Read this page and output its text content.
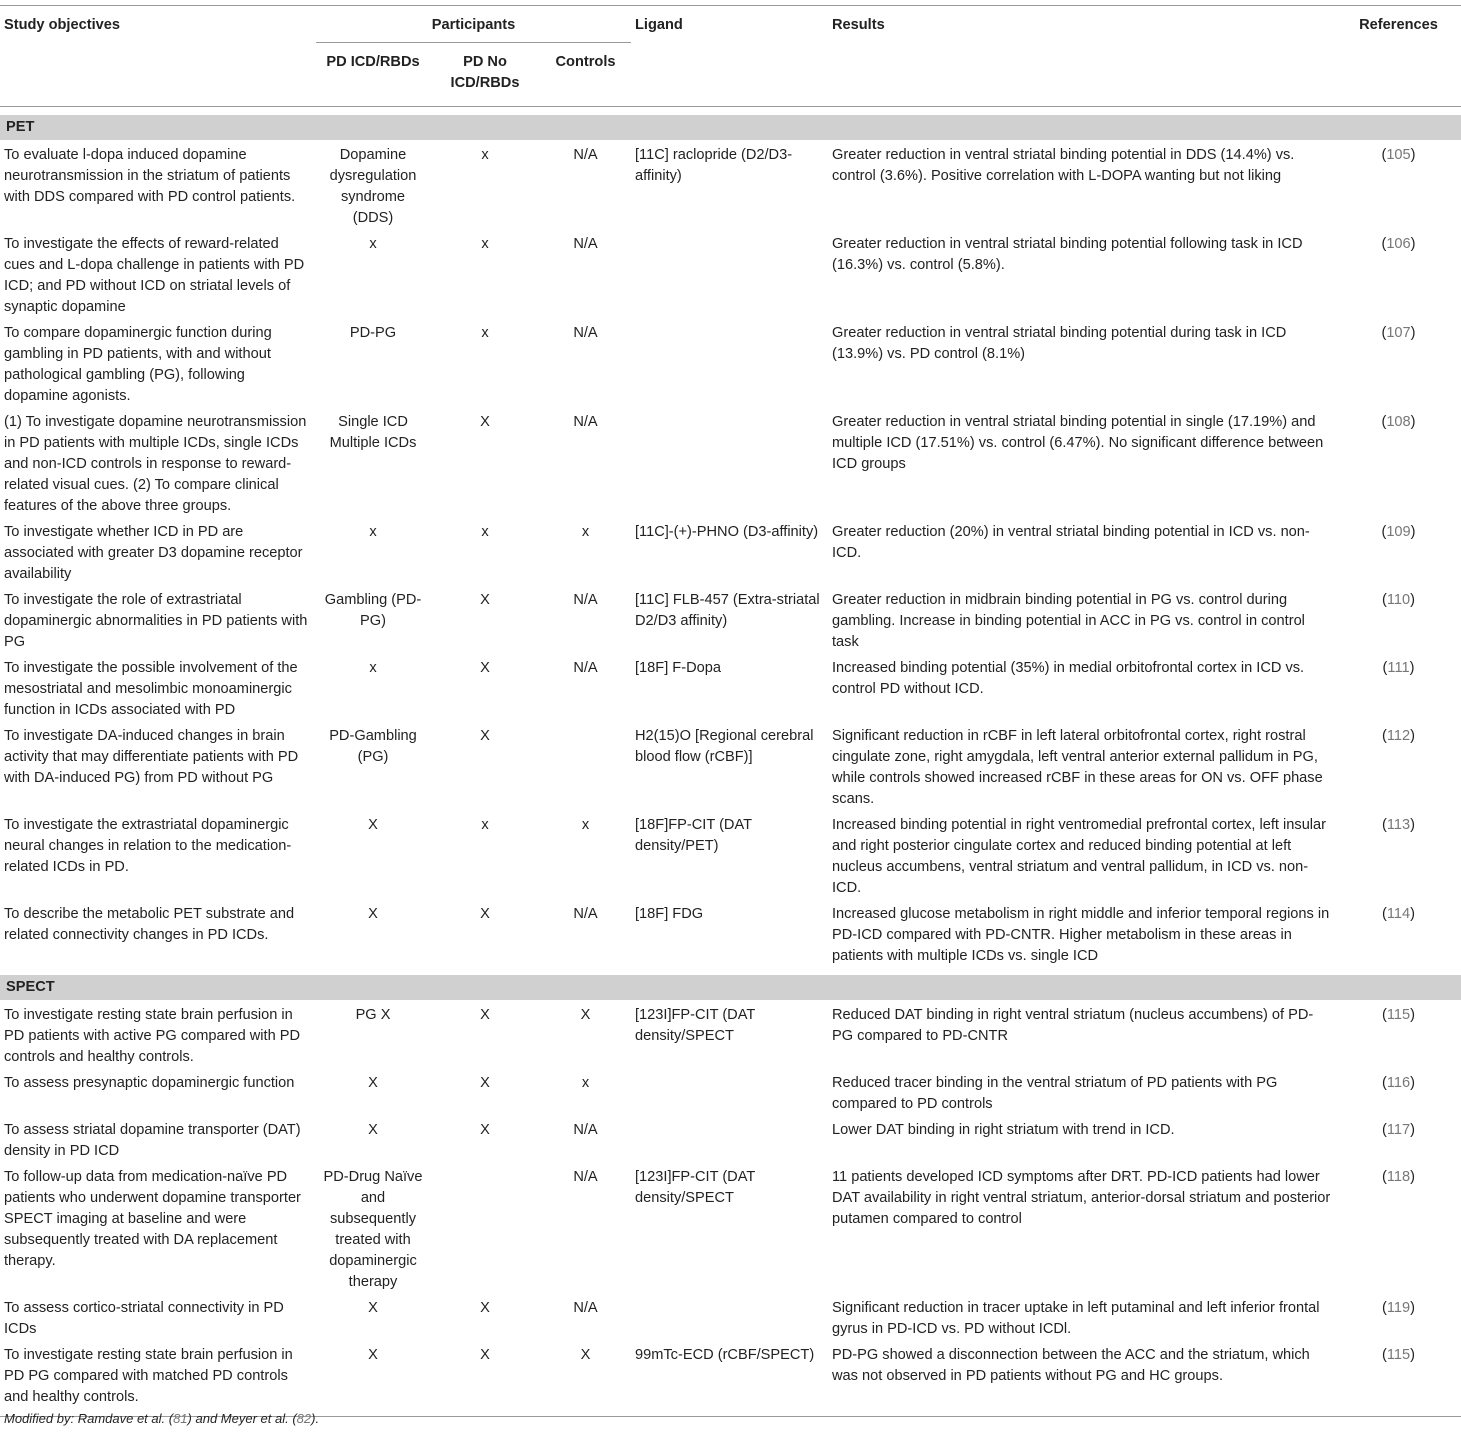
Study objectives	Participants			Ligand	Results	References
	PD ICD/RBDs	PD No ICD/RBDs	Controls			

PET						
To evaluate l-dopa induced dopamine neurotransmission in the striatum of patients with DDS compared with PD control patients.	Dopamine dysregulation syndrome (DDS)	x	N/A	[11C] raclopride (D2/D3-affinity)	Greater reduction in ventral striatal binding potential in DDS (14.4%) vs. control (3.6%). Positive correlation with L-DOPA wanting but not liking	(105)
To investigate the effects of reward-related cues and L-dopa challenge in patients with PD ICD; and PD without ICD on striatal levels of synaptic dopamine	x	x	N/A		Greater reduction in ventral striatal binding potential following task in ICD (16.3%) vs. control (5.8%).	(106)
To compare dopaminergic function during gambling in PD patients, with and without pathological gambling (PG), following dopamine agonists.	PD-PG	x	N/A		Greater reduction in ventral striatal binding potential during task in ICD (13.9%) vs. PD control (8.1%)	(107)
(1) To investigate dopamine neurotransmission in PD patients with multiple ICDs, single ICDs and non-ICD controls in response to reward-related visual cues. (2) To compare clinical features of the above three groups.	Single ICD Multiple ICDs	X	N/A		Greater reduction in ventral striatal binding potential in single (17.19%) and multiple ICD (17.51%) vs. control (6.47%). No significant difference between ICD groups	(108)
To investigate whether ICD in PD are associated with greater D3 dopamine receptor availability	x	x	x	[11C]-(+)-PHNO (D3-affinity)	Greater reduction (20%) in ventral striatal binding potential in ICD vs. non-ICD.	(109)
To investigate the role of extrastriatal dopaminergic abnormalities in PD patients with PG	Gambling (PD-PG)	X	N/A	[11C] FLB-457 (Extra-striatal D2/D3 affinity)	Greater reduction in midbrain binding potential in PG vs. control during gambling. Increase in binding potential in ACC in PG vs. control in control task	(110)
To investigate the possible involvement of the mesostriatal and mesolimbic monoaminergic function in ICDs associated with PD	x	X	N/A	[18F] F-Dopa	Increased binding potential (35%) in medial orbitofrontal cortex in ICD vs. control PD without ICD.	(111)
To investigate DA-induced changes in brain activity that may differentiate patients with PD with DA-induced PG) from PD without PG	PD-Gambling (PG)	X		H2(15)O [Regional cerebral blood flow (rCBF)]	Significant reduction in rCBF in left lateral orbitofrontal cortex, right rostral cingulate zone, right amygdala, left ventral anterior external pallidum in PG, while controls showed increased rCBF in these areas for ON vs. OFF phase scans.	(112)
To investigate the extrastriatal dopaminergic neural changes in relation to the medication-related ICDs in PD.	X	x	x	[18F]FP-CIT (DAT density/PET)	Increased binding potential in right ventromedial prefrontal cortex, left insular and right posterior cingulate cortex and reduced binding potential at left nucleus accumbens, ventral striatum and ventral pallidum, in ICD vs. non-ICD.	(113)
To describe the metabolic PET substrate and related connectivity changes in PD ICDs.	X	X	N/A	[18F] FDG	Increased glucose metabolism in right middle and inferior temporal regions in PD-ICD compared with PD-CNTR. Higher metabolism in these areas in patients with multiple ICDs vs. single ICD	(114)

SPECT						
To investigate resting state brain perfusion in PD patients with active PG compared with PD controls and healthy controls.	PG X	X	X	[123I]FP-CIT (DAT density/SPECT	Reduced DAT binding in right ventral striatum (nucleus accumbens) of PD-PG compared to PD-CNTR	(115)
To assess presynaptic dopaminergic function	X	X	x		Reduced tracer binding in the ventral striatum of PD patients with PG compared to PD controls	(116)
To assess striatal dopamine transporter (DAT) density in PD ICD	X	X	N/A		Lower DAT binding in right striatum with trend in ICD.	(117)
To follow-up data from medication-naïve PD patients who underwent dopamine transporter SPECT imaging at baseline and were subsequently treated with DA replacement therapy.	PD-Drug Naïve and subsequently treated with dopaminergic therapy		N/A	[123I]FP-CIT (DAT density/SPECT	11 patients developed ICD symptoms after DRT. PD-ICD patients had lower DAT availability in right ventral striatum, anterior-dorsal striatum and posterior putamen compared to control	(118)
To assess cortico-striatal connectivity in PD ICDs	X	X	N/A		Significant reduction in tracer uptake in left putaminal and left inferior frontal gyrus in PD-ICD vs. PD without ICDl.	(119)
To investigate resting state brain perfusion in PD PG compared with matched PD controls and healthy controls.	X	X	X	99mTc-ECD (rCBF/SPECT)	PD-PG showed a disconnection between the ACC and the striatum, which was not observed in PD patients without PG and HC groups.	(115)
Modified by: Ramdave et al. (81) and Meyer et al. (82).
